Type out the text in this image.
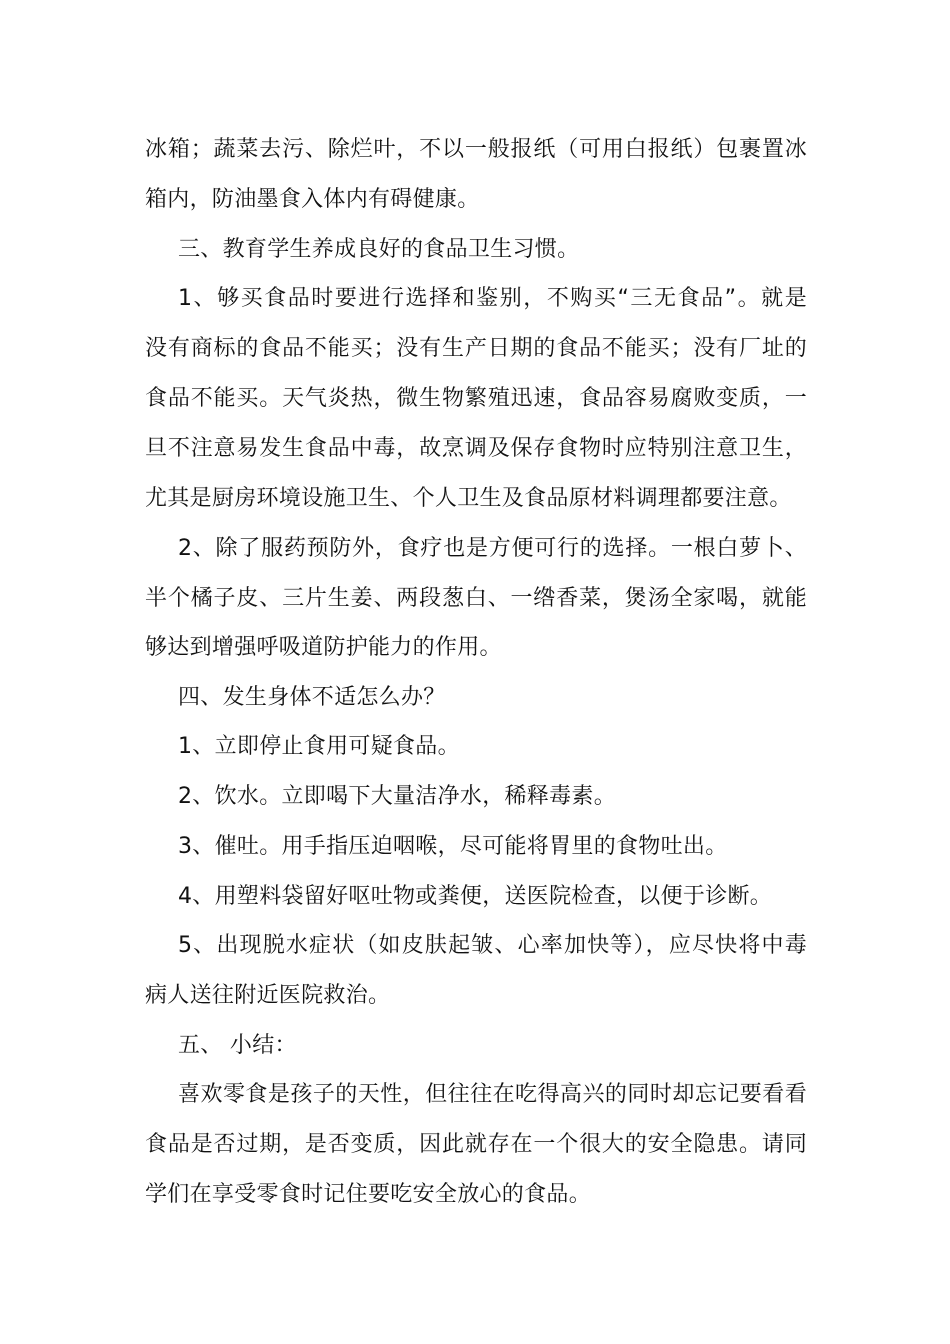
冰箱；蔬菜去污、除烂叶，不以一般报纸（可用白报纸）包裹置冰
箱内，防油墨食入体内有碍健康。
三、教育学生养成良好的食品卫生习惯。
1、够买食品时要进行选择和鉴别，不购买“三无食品”。就是
没有商标的食品不能买；没有生产日期的食品不能买；没有厂址的
食品不能买。天气炎热，微生物繁殖迅速，食品容易腐败变质，一
旦不注意易发生食品中毒，故烹调及保存食物时应特别注意卫生，
尤其是厨房环境设施卫生、个人卫生及食品原材料调理都要注意。
2、除了服药预防外，食疗也是方便可行的选择。一根白萝卜、
半个橘子皮、三片生姜、两段葱白、一绺香菜，煲汤全家喝，就能
够达到增强呼吸道防护能力的作用。
四、发生身体不适怎么办？
1、立即停止食用可疑食品。
2、饮水。立即喝下大量洁净水，稀释毒素。
3、催吐。用手指压迫咽喉，尽可能将胃里的食物吐出。
4、用塑料袋留好呕吐物或粪便，送医院检查，以便于诊断。
5、出现脱水症状（如皮肤起皱、心率加快等），应尽快将中毒
病人送往附近医院救治。
五、 小结：
喜欢零食是孩子的天性，但往往在吃得高兴的同时却忘记要看看
食品是否过期，是否变质，因此就存在一个很大的安全隐患。请同
学们在享受零食时记住要吃安全放心的食品。
